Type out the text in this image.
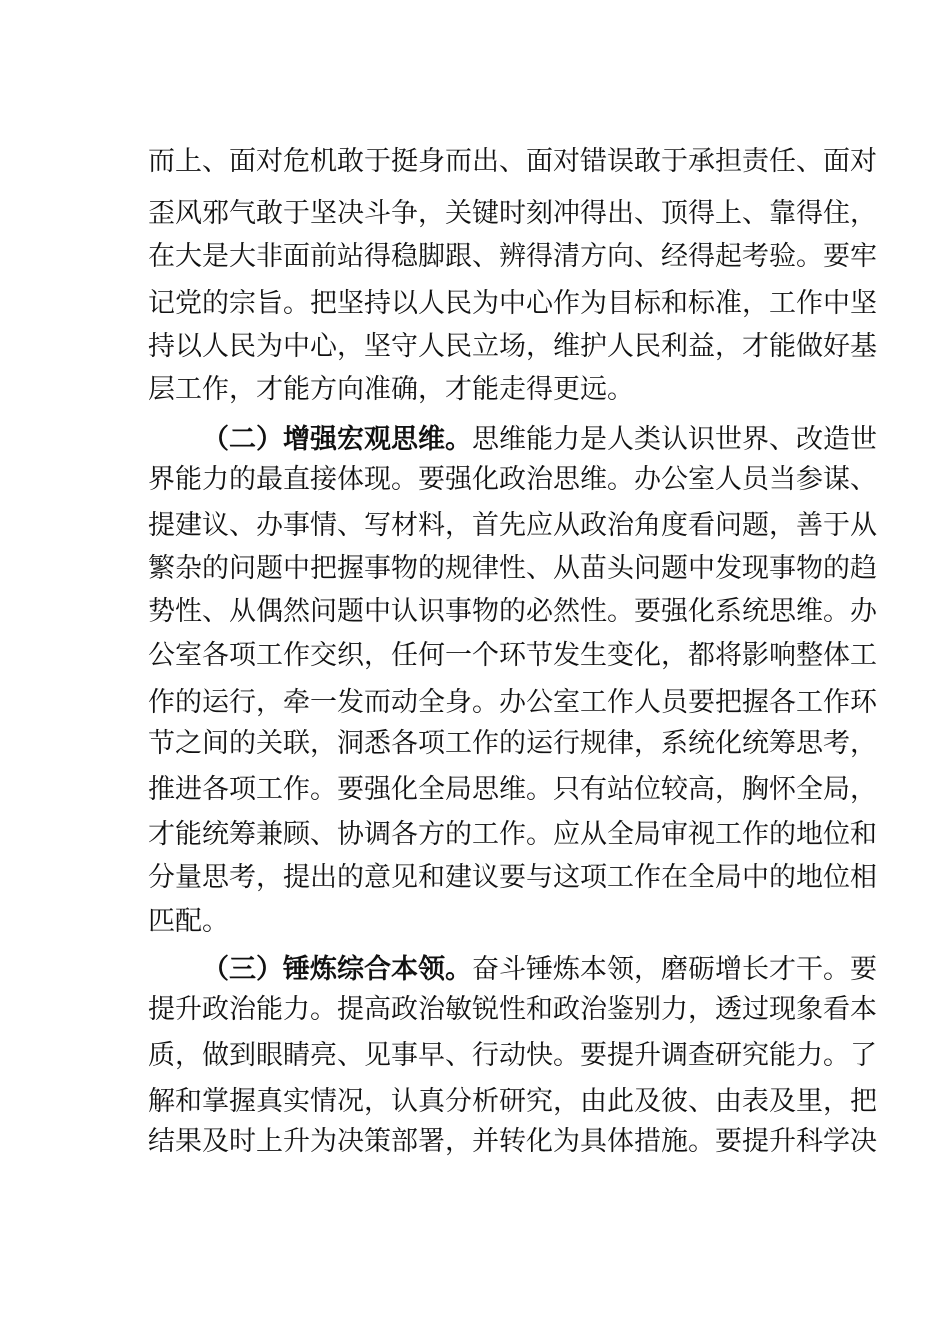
而上、面对危机敢于挺身而出、面对错误敢于承担责任、面对
歪风邪气敢于坚决斗争，关键时刻冲得出、顶得上、靠得住，
在大是大非面前站得稳脚跟、辨得清方向、经得起考验。要牢
记党的宗旨。把坚持以人民为中心作为目标和标准，工作中坚
持以人民为中心，坚守人民立场，维护人民利益，才能做好基
层工作，才能方向准确，才能走得更远。
（二）增强宏观思维。思维能力是人类认识世界、改造世
界能力的最直接体现。要强化政治思维。办公室人员当参谋、
提建议、办事情、写材料，首先应从政治角度看问题，善于从
繁杂的问题中把握事物的规律性、从苗头问题中发现事物的趋
势性、从偶然问题中认识事物的必然性。要强化系统思维。办
公室各项工作交织，任何一个环节发生变化，都将影响整体工
作的运行，牵一发而动全身。办公室工作人员要把握各工作环
节之间的关联，洞悉各项工作的运行规律，系统化统筹思考，
推进各项工作。要强化全局思维。只有站位较高，胸怀全局，
才能统筹兼顾、协调各方的工作。应从全局审视工作的地位和
分量思考，提出的意见和建议要与这项工作在全局中的地位相
匹配。
（三）锤炼综合本领。奋斗锤炼本领，磨砺增长才干。要
提升政治能力。提高政治敏锐性和政治鉴别力，透过现象看本
质，做到眼睛亮、见事早、行动快。要提升调查研究能力。了
解和掌握真实情况，认真分析研究，由此及彼、由表及里，把
结果及时上升为决策部署，并转化为具体措施。要提升科学决
